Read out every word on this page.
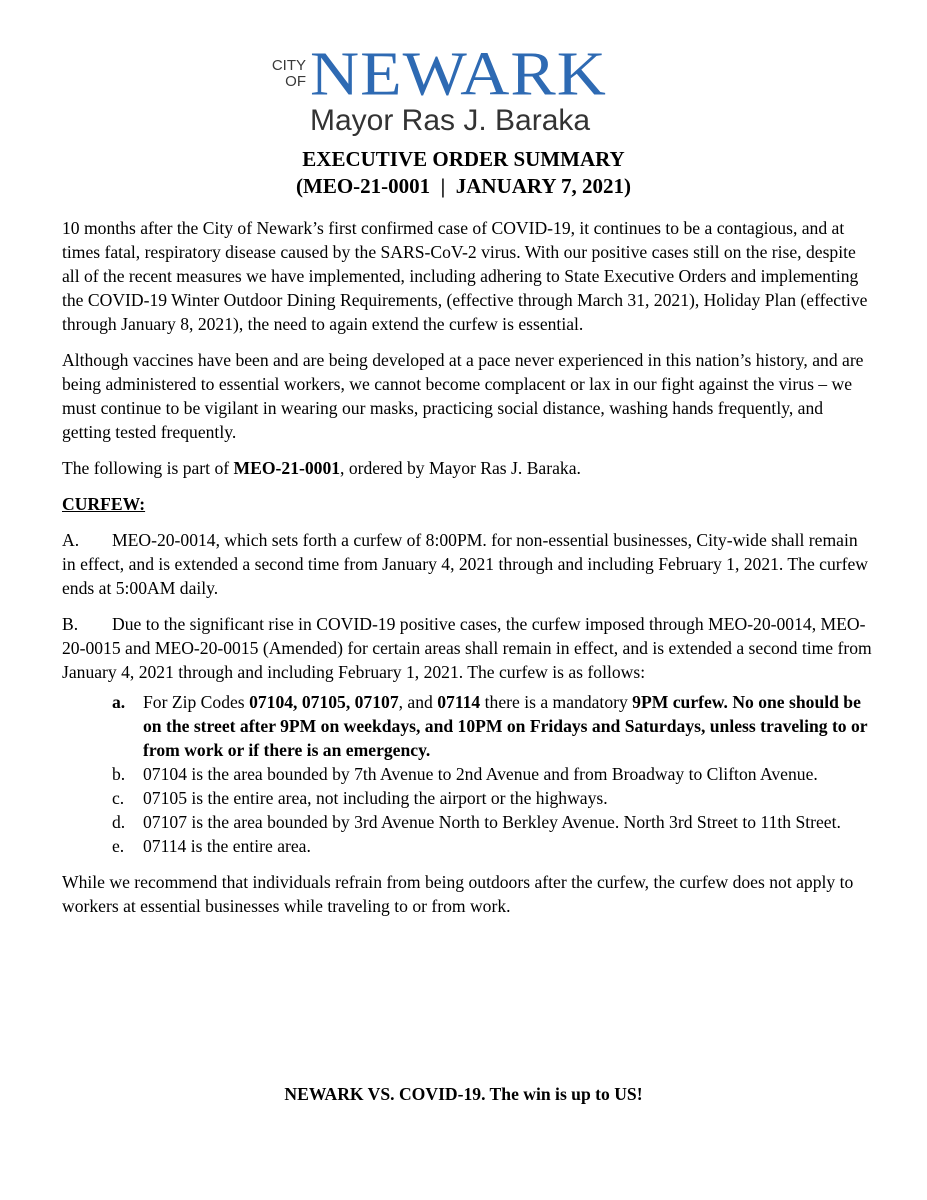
CITY
OF NEWARK
Mayor Ras J. Baraka
EXECUTIVE ORDER SUMMARY
(MEO-21-0001  |  JANUARY 7, 2021)

10 months after the City of Newark’s first confirmed case of COVID-19, it continues to be a contagious, and at times fatal, respiratory disease caused by the SARS-CoV-2 virus. With our positive cases still on the rise, despite all of the recent measures we have implemented, including adhering to State Executive Orders and implementing the COVID-19 Winter Outdoor Dining Requirements, (effective through March 31, 2021), Holiday Plan (effective through January 8, 2021), the need to again extend the curfew is essential.

Although vaccines have been and are being developed at a pace never experienced in this nation’s history, and are being administered to essential workers, we cannot become complacent or lax in our fight against the virus – we must continue to be vigilant in wearing our masks, practicing social distance, washing hands frequently, and getting tested frequently.

The following is part of MEO-21-0001, ordered by Mayor Ras J. Baraka.

CURFEW:

A. MEO-20-0014, which sets forth a curfew of 8:00PM. for non-essential businesses, City-wide shall remain in effect, and is extended a second time from January 4, 2021 through and including February 1, 2021. The curfew ends at 5:00AM daily.

B. Due to the significant rise in COVID-19 positive cases, the curfew imposed through MEO-20-0014, MEO-20-0015 and MEO-20-0015 (Amended) for certain areas shall remain in effect, and is extended a second time from January 4, 2021 through and including February 1, 2021. The curfew is as follows:

a. For Zip Codes 07104, 07105, 07107, and 07114 there is a mandatory 9PM curfew. No one should be on the street after 9PM on weekdays, and 10PM on Fridays and Saturdays, unless traveling to or from work or if there is an emergency.
b. 07104 is the area bounded by 7th Avenue to 2nd Avenue and from Broadway to Clifton Avenue.
c. 07105 is the entire area, not including the airport or the highways.
d. 07107 is the area bounded by 3rd Avenue North to Berkley Avenue. North 3rd Street to 11th Street.
e. 07114 is the entire area.

While we recommend that individuals refrain from being outdoors after the curfew, the curfew does not apply to workers at essential businesses while traveling to or from work.

NEWARK VS. COVID-19. The win is up to US!
